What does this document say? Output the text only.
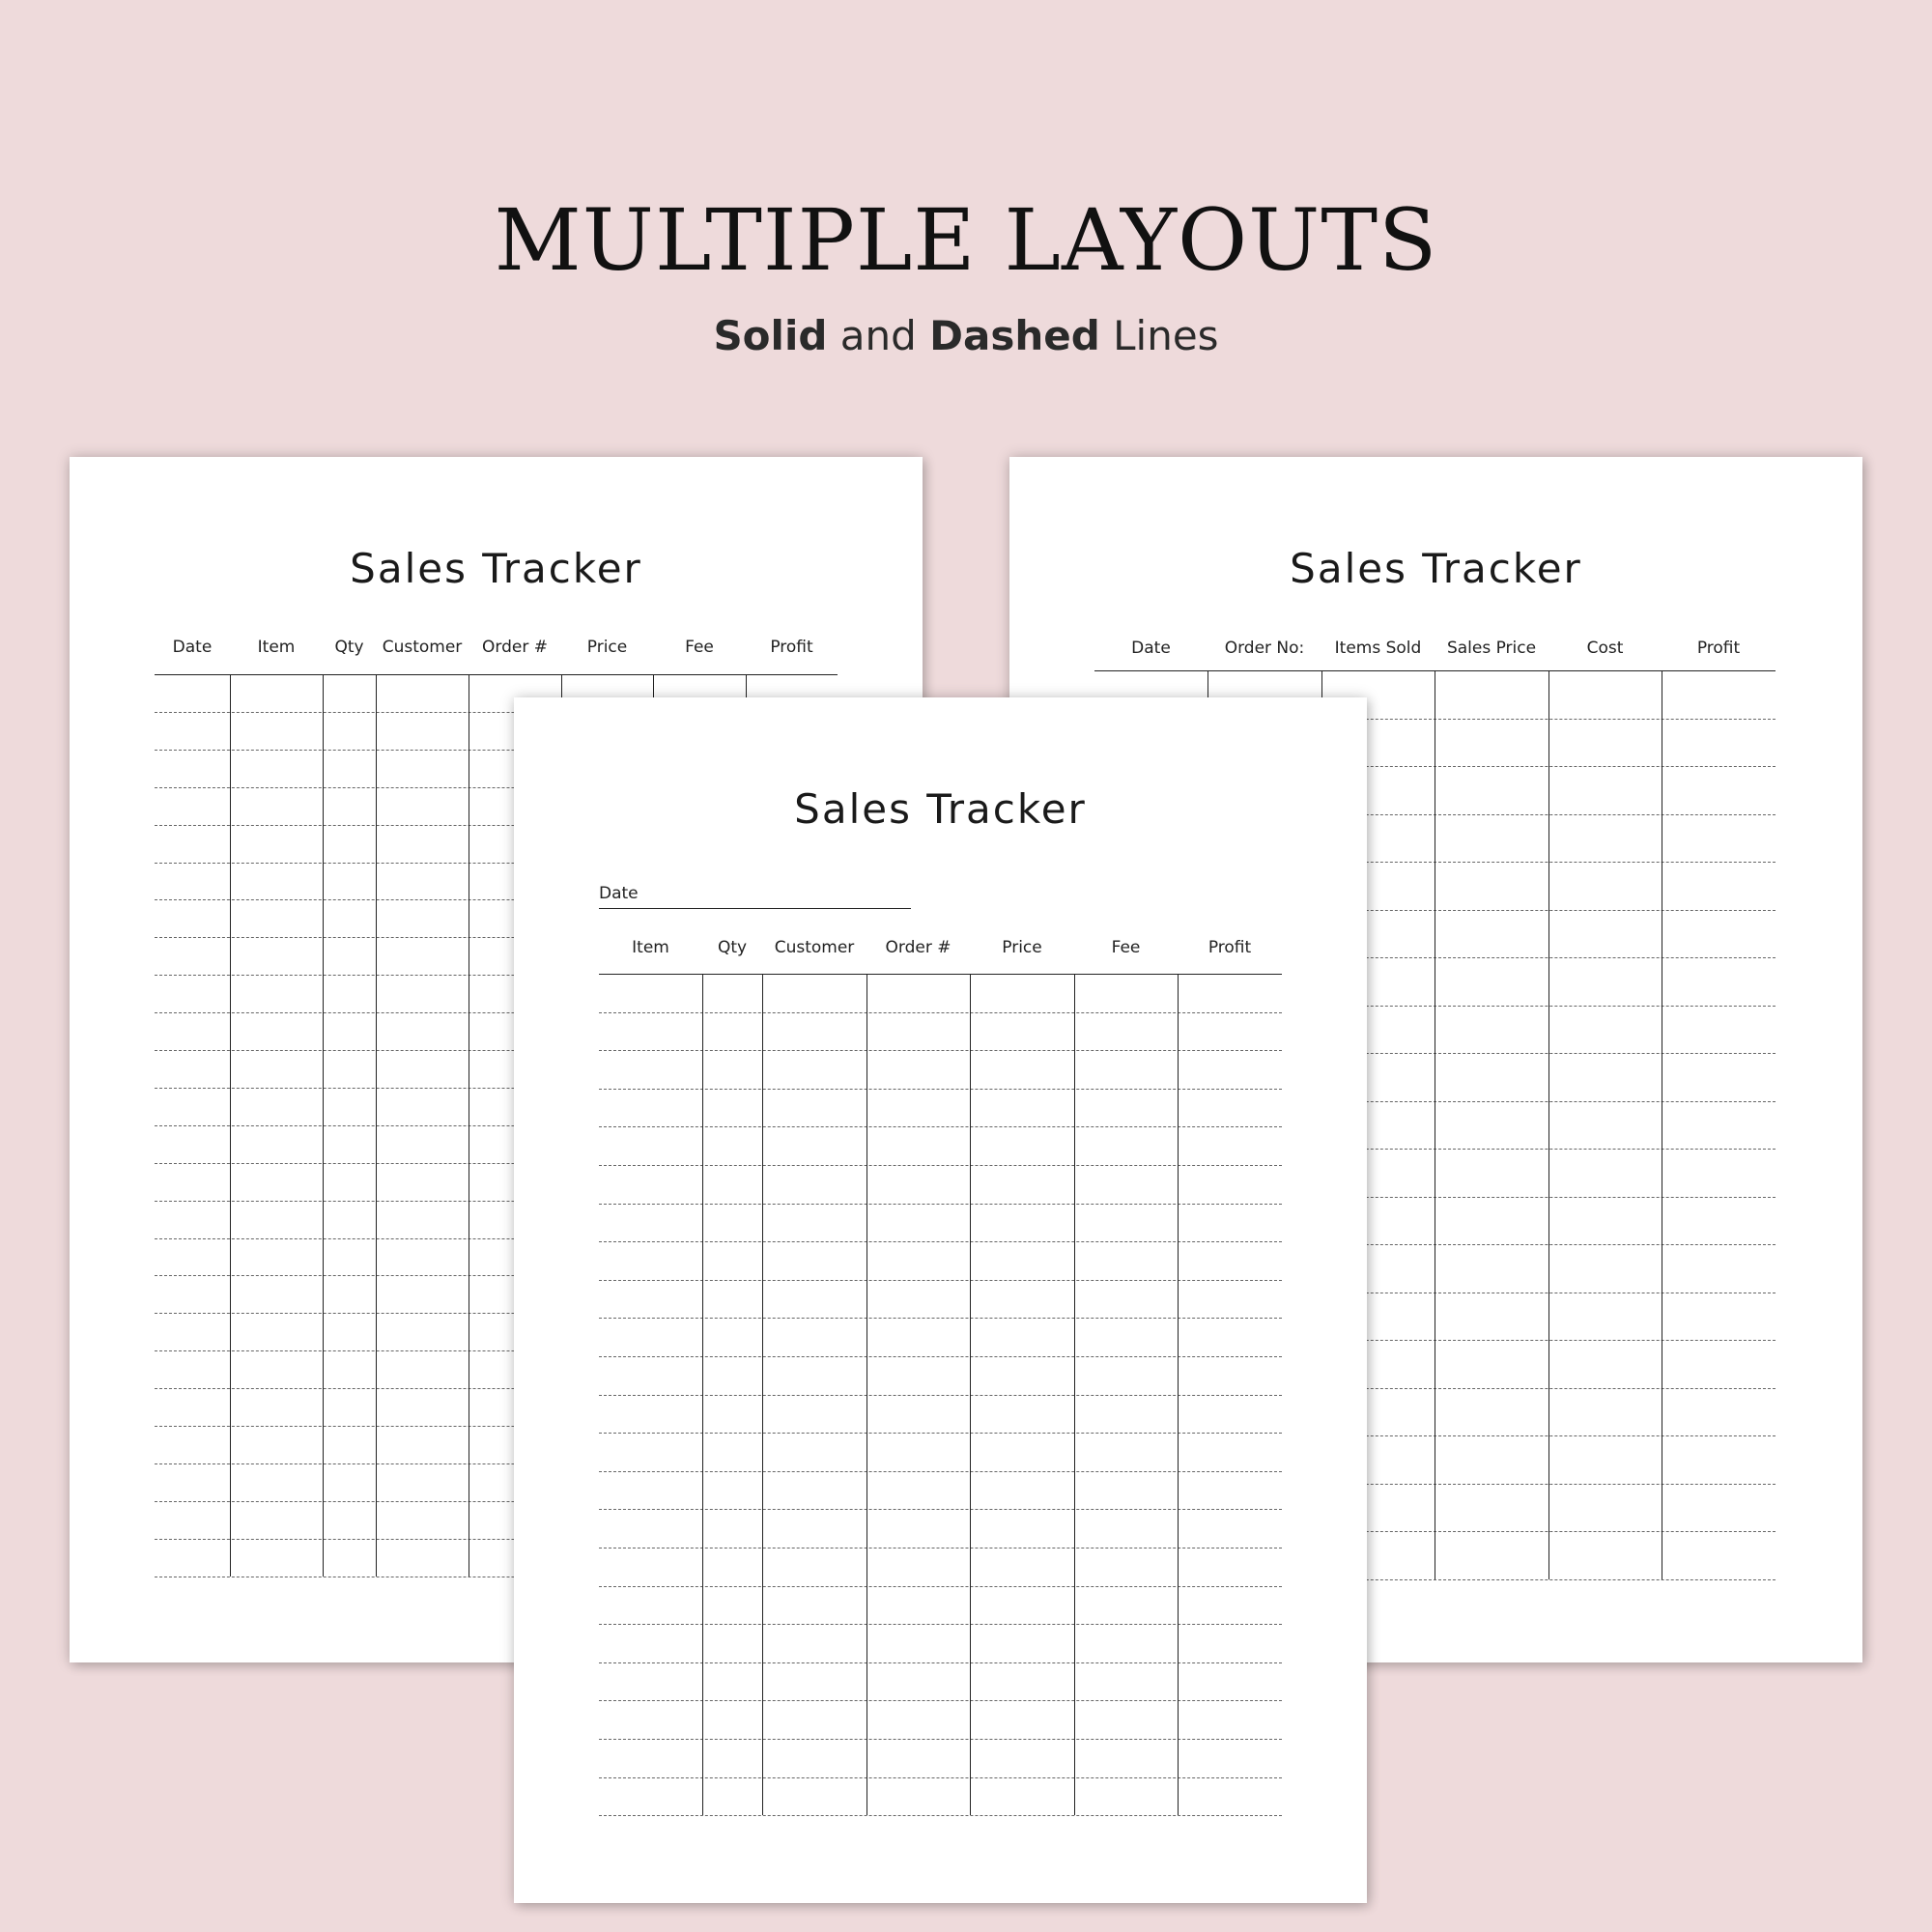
MULTIPLE LAYOUTS
Solid and Dashed Lines
Sales Tracker
Date	Item	Qty	Customer	Order #	Price	Fee	Profit
Sales Tracker
Date	Order No:	Items Sold	Sales Price	Cost	Profit
Sales Tracker
Date
Item	Qty	Customer	Order #	Price	Fee	Profit
